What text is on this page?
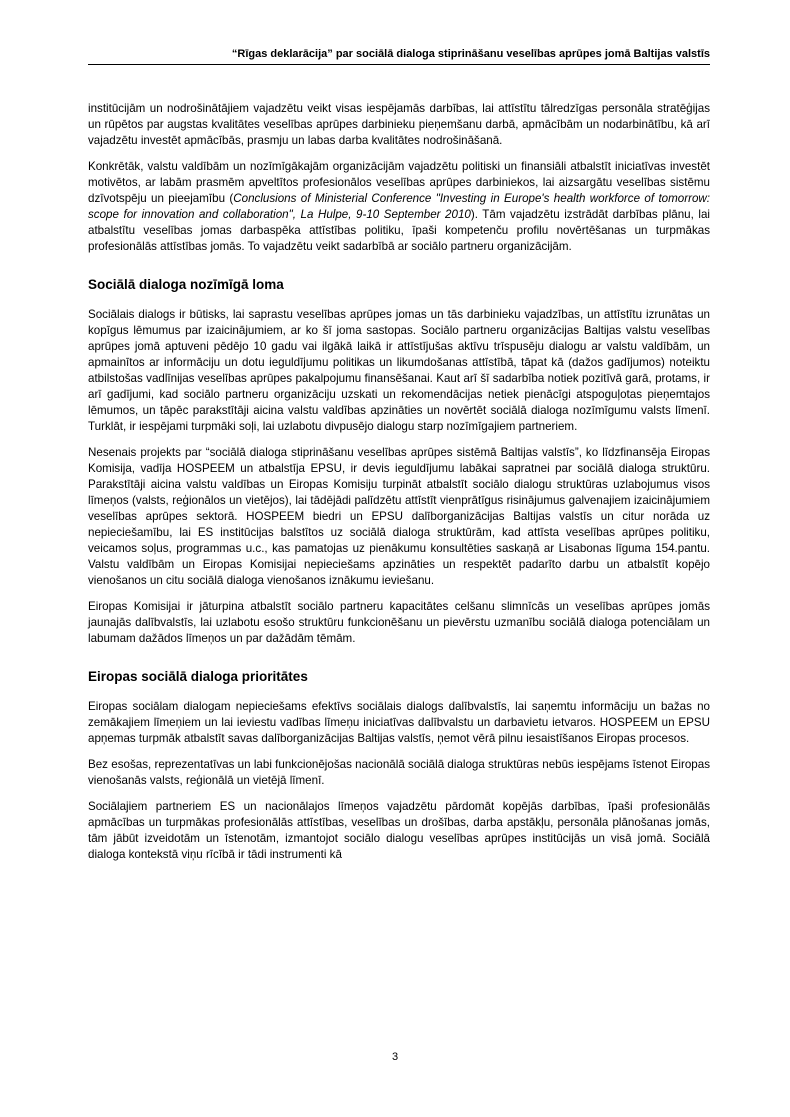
“Rīgas deklarācija” par sociālā dialoga stiprināšanu veselības aprūpes jomā Baltijas valstīs

institūcijām un nodrošinātājiem vajadzētu veikt visas iespējamās darbības, lai attīstītu tālredzīgas personāla stratēģijas un rūpētos par augstas kvalitātes veselības aprūpes darbinieku pieņemšanu darbā, apmācībām un nodarbinātību, kā arī vajadzētu investēt apmācībās, prasmju un labas darba kvalitātes nodrošināšanā.

Konkrētāk, valstu valdībām un nozīmīgākajām organizācijām vajadzētu politiski un finansiāli atbalstīt iniciatīvas investēt motivētos, ar labām prasmēm apveltītos profesionālos veselības aprūpes darbiniekos, lai aizsargātu veselības sistēmu dzīvotspēju un pieejamību (Conclusions of Ministerial Conference "Investing in Europe's health workforce of tomorrow: scope for innovation and collaboration", La Hulpe, 9-10 September 2010). Tām vajadzētu izstrādāt darbības plānu, lai atbalstītu veselības jomas darbaspēka attīstības politiku, īpaši kompetenču profilu novērtēšanas un turpmākas profesionālās attīstības jomās. To vajadzētu veikt sadarbībā ar sociālo partneru organizācijām.

Sociālā dialoga nozīmīgā loma

Sociālais dialogs ir būtisks, lai saprastu veselības aprūpes jomas un tās darbinieku vajadzības, un attīstītu izrunātas un kopīgus lēmumus par izaicinājumiem, ar ko šī joma sastopas. Sociālo partneru organizācijas Baltijas valstu veselības aprūpes jomā aptuveni pēdējo 10 gadu vai ilgākā laikā ir attīstījušas aktīvu trīspusēju dialogu ar valstu valdībām, un apmainītos ar informāciju un dotu ieguldījumu politikas un likumdošanas attīstībā, tāpat kā (dažos gadījumos) noteiktu atbilstošas vadlīnijas veselības aprūpes pakalpojumu finansēšanai. Kaut arī šī sadarbība notiek pozitīvā garā, protams, ir arī gadījumi, kad sociālo partneru organizāciju uzskati un rekomendācijas netiek pienācīgi atspoguļotas pieņemtajos lēmumos, un tāpēc parakstītāji aicina valstu valdības apzināties un novērtēt sociālā dialoga nozīmīgumu valsts līmenī. Turklāt, ir iespējami turpmāki soļi, lai uzlabotu divpusējo dialogu starp nozīmīgajiem partneriem.

Nesenais projekts par “sociālā dialoga stiprināšanu veselības aprūpes sistēmā Baltijas valstīs”, ko līdzfinansēja Eiropas Komisija, vadīja HOSPEEM un atbalstīja EPSU, ir devis ieguldījumu labākai sapratnei par sociālā dialoga struktūru. Parakstītāji aicina valstu valdības un Eiropas Komisiju turpināt atbalstīt sociālo dialogu struktūras uzlabojumus visos līmeņos (valsts, reģionālos un vietējos), lai tādējādi palīdzētu attīstīt vienprātīgus risinājumus galvenajiem izaicinājumiem veselības aprūpes sektorā. HOSPEEM biedri un EPSU dalīborganizācijas Baltijas valstīs un citur norāda uz nepieciešamību, lai ES institūcijas balstītos uz sociālā dialoga struktūrām, kad attīsta veselības aprūpes politiku, veicamos soļus, programmas u.c., kas pamatojas uz pienākumu konsultēties saskaņā ar Lisabonas līguma 154.pantu. Valstu valdībām un Eiropas Komisijai nepieciešams apzināties un respektēt padarīto darbu un atbalstīt kopējo vienošanos un citu sociālā dialoga vienošanos iznākumu ieviešanu.

Eiropas Komisijai ir jāturpina atbalstīt sociālo partneru kapacitātes celšanu slimnīcās un veselības aprūpes jomās jaunajās dalībvalstīs, lai uzlabotu esošo struktūru funkcionēšanu un pievērstu uzmanību sociālā dialoga potenciālam un labumam dažādos līmeņos un par dažādām tēmām.

Eiropas sociālā dialoga prioritātes

Eiropas sociālam dialogam nepieciešams efektīvs sociālais dialogs dalībvalstīs, lai saņemtu informāciju un bažas no zemākajiem līmeņiem un lai ieviestu vadības līmeņu iniciatīvas dalībvalstu un darbavietu ietvaros. HOSPEEM un EPSU apņemas turpmāk atbalstīt savas dalīborganizācijas Baltijas valstīs, ņemot vērā pilnu iesaistīšanos Eiropas procesos.

Bez esošas, reprezentatīvas un labi funkcionējošas nacionālā sociālā dialoga struktūras nebūs iespējams īstenot Eiropas vienošanās valsts, reģionālā un vietējā līmenī.

Sociālajiem partneriem ES un nacionālajos līmeņos vajadzētu pārdomāt kopējās darbības, īpaši profesionālās apmācības un turpmākas profesionālās attīstības, veselības un drošības, darba apstākļu, personāla plānošanas jomās, tām jābūt izveidotām un īstenotām, izmantojot sociālo dialogu veselības aprūpes institūcijās un visā jomā. Sociālā dialoga kontekstā viņu rīcībā ir tādi instrumenti kā

3
